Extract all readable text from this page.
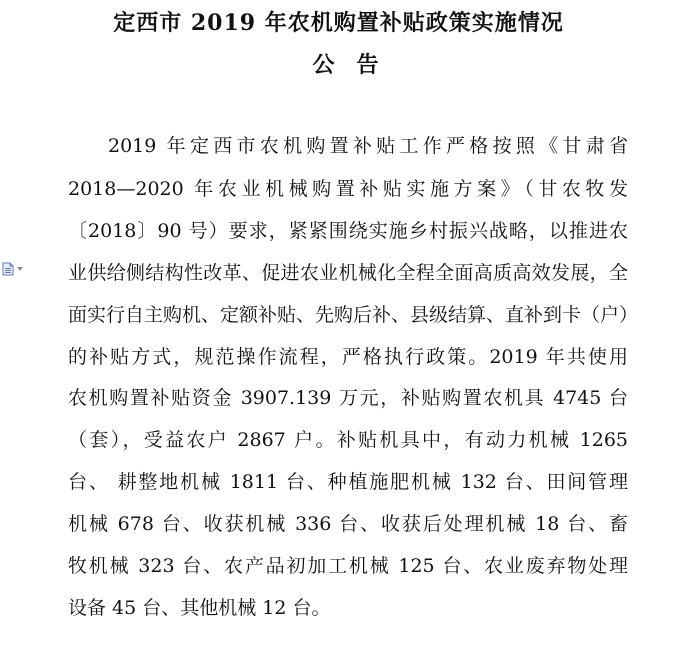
定西市 2019 年农机购置补贴政策实施情况
公告
2019 年定西市农机购置补贴工作严格按照《甘肃省
2018—2020 年农业机械购置补贴实施方案》（甘农牧发
〔2018〕90 号）要求，紧紧围绕实施乡村振兴战略，以推进农
业供给侧结构性改革、促进农业机械化全程全面高质高效发展，全
面实行自主购机、定额补贴、先购后补、县级结算、直补到卡（户）
的补贴方式，规范操作流程，严格执行政策。2019 年共使用
农机购置补贴资金 3907.139 万元，补贴购置农机具 4745 台
（套），受益农户 2867 户。补贴机具中，有动力机械 1265
台、 耕整地机械 1811 台、种植施肥机械 132 台、田间管理
机械 678 台、收获机械 336 台、收获后处理机械 18 台、畜
牧机械 323 台、农产品初加工机械 125 台、农业废弃物处理
设备 45 台、其他机械 12 台。
